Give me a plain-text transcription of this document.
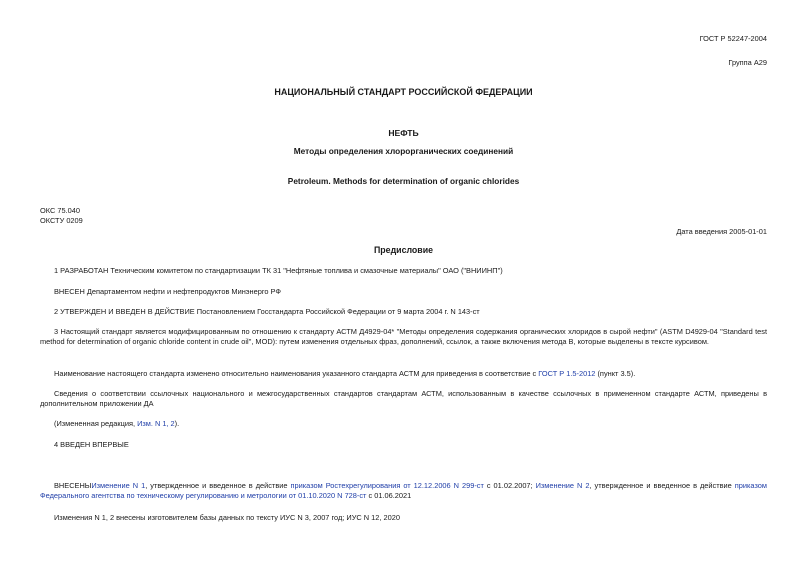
ГОСТ Р 52247-2004
Группа А29
НАЦИОНАЛЬНЫЙ СТАНДАРТ РОССИЙСКОЙ ФЕДЕРАЦИИ
НЕФТЬ
Методы определения хлорорганических соединений
Petroleum. Methods for determination of organic chlorides
ОКС 75.040
ОКСТУ 0209
Дата введения 2005-01-01
Предисловие
1 РАЗРАБОТАН Техническим комитетом по стандартизации ТК 31 "Нефтяные топлива и смазочные материалы" ОАО ("ВНИИНП")
ВНЕСЕН Департаментом нефти и нефтепродуктов Минэнерго РФ
2 УТВЕРЖДЕН И ВВЕДЕН В ДЕЙСТВИЕ Постановлением Госстандарта Российской Федерации от 9 марта 2004 г. N 143-ст
3 Настоящий стандарт является модифицированным по отношению к стандарту АСТМ Д4929-04* "Методы определения содержания органических хлоридов в сырой нефти" (ASTM D4929-04 "Standard test method for determination of organic chloride content in crude oil", MOD): путем изменения отдельных фраз, дополнений, ссылок, а также включения метода В, которые выделены в тексте курсивом.
Наименование настоящего стандарта изменено относительно наименования указанного стандарта АСТМ для приведения в соответствие с ГОСТ Р 1.5-2012 (пункт 3.5).
Сведения о соответствии ссылочных национального и межгосударственных стандартов стандартам АСТМ, использованным в качестве ссылочных в примененном стандарте АСТМ, приведены в дополнительном приложении ДА
(Измененная редакция, Изм. N 1, 2).
4 ВВЕДЕН ВПЕРВЫЕ
ВНЕСЕНЫИзменение N 1, утвержденное и введенное в действие приказом Ростехрегулирования от 12.12.2006 N 299-ст с 01.02.2007; Изменение N 2, утвержденное и введенное в действие приказом Федерального агентства по техническому регулированию и метрологии от 01.10.2020 N 728-ст с 01.06.2021
Изменения N 1, 2 внесены изготовителем базы данных по тексту ИУС N 3, 2007 год; ИУС N 12, 2020
